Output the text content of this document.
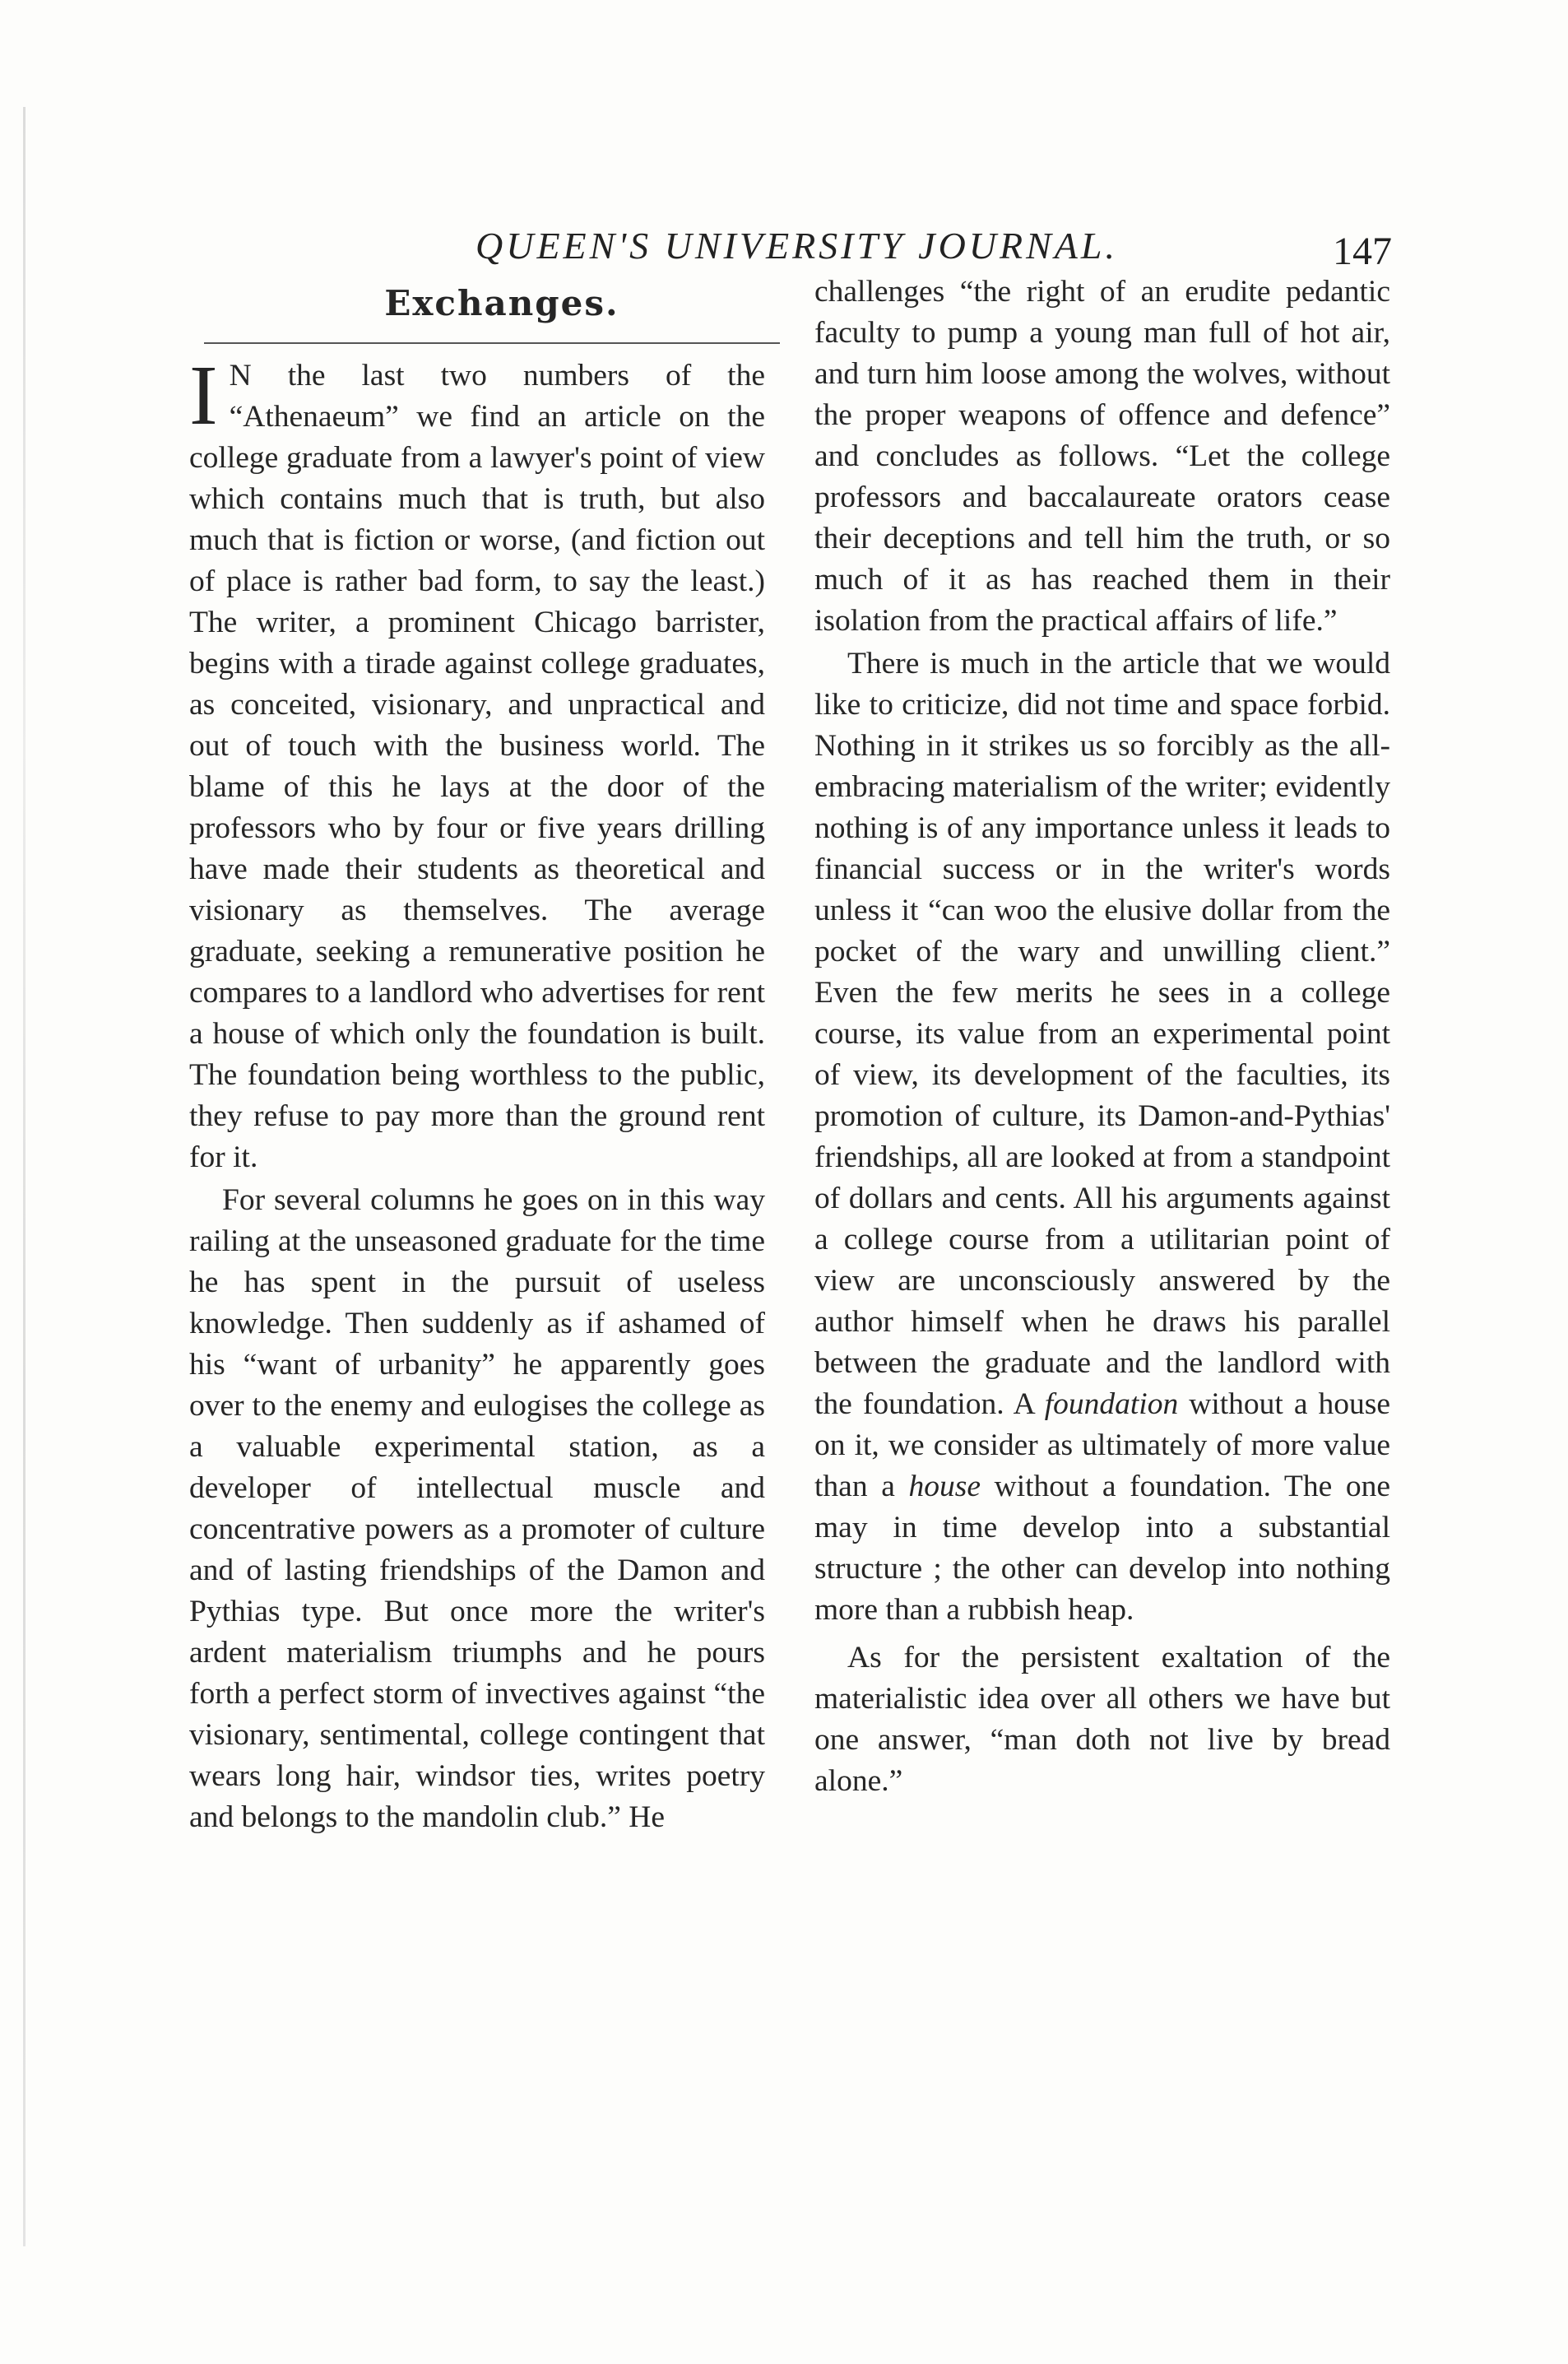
QUEEN'S UNIVERSITY JOURNAL.	147
Exchanges.

I N the last two numbers of the “Athenaeum” we find an article on the college graduate from a lawyer's point of view which contains much that is truth, but also much that is fiction or worse, (and fiction out of place is rather bad form, to say the least.) The writer, a prominent Chicago barrister, begins with a tirade against college graduates, as conceited, visionary, and unpractical and out of touch with the business world. The blame of this he lays at the door of the professors who by four or five years drilling have made their students as theoretical and visionary as themselves. The average graduate, seeking a remunerative position he compares to a landlord who advertises for rent a house of which only the foundation is built. The foundation being worthless to the public, they refuse to pay more than the ground rent for it.

For several columns he goes on in this way railing at the unseasoned graduate for the time he has spent in the pursuit of useless knowledge. Then suddenly as if ashamed of his “want of urbanity” he apparently goes over to the enemy and eulogises the college as a valuable experimental station, as a developer of intellectual muscle and concentrative powers as a promoter of culture and of lasting friendships of the Damon and Pythias type. But once more the writer's ardent materialism triumphs and he pours forth a perfect storm of invectives against “the visionary, sentimental, college contingent that wears long hair, windsor ties, writes poetry and belongs to the mandolin club.” He

challenges “the right of an erudite pedantic faculty to pump a young man full of hot air, and turn him loose among the wolves, without the proper weapons of offence and defence” and concludes as follows. “Let the college professors and baccalaureate orators cease their deceptions and tell him the truth, or so much of it as has reached them in their isolation from the practical affairs of life.”

There is much in the article that we would like to criticize, did not time and space forbid. Nothing in it strikes us so forcibly as the all-embracing materialism of the writer; evidently nothing is of any importance unless it leads to financial success or in the writer's words unless it “can woo the elusive dollar from the pocket of the wary and unwilling client.” Even the few merits he sees in a college course, its value from an experimental point of view, its development of the faculties, its promotion of culture, its Damon-and-Pythias' friendships, all are looked at from a standpoint of dollars and cents. All his arguments against a college course from a utilitarian point of view are unconsciously answered by the author himself when he draws his parallel between the graduate and the landlord with the foundation. A foundation without a house on it, we consider as ultimately of more value than a house without a foundation. The one may in time develop into a substantial structure ; the other can develop into nothing more than a rubbish heap.

As for the persistent exaltation of the materialistic idea over all others we have but one answer, “man doth not live by bread alone.”
